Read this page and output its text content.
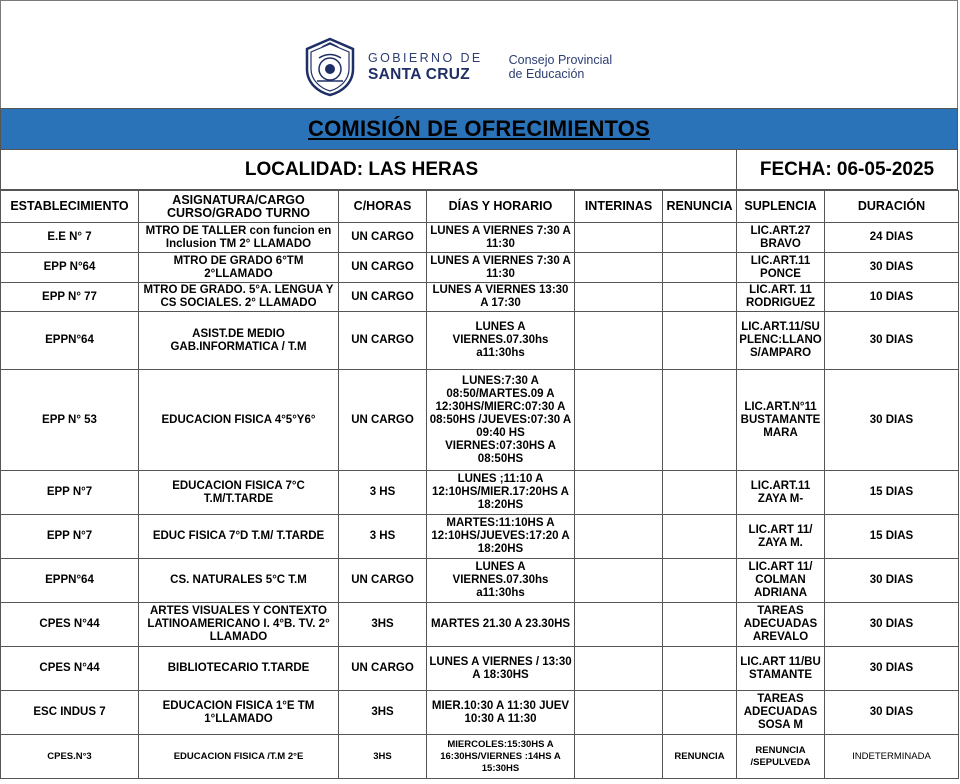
GOBIERNO DE
SANTA CRUZ
Consejo Provincial
de Educación
COMISIÓN DE OFRECIMIENTOS
LOCALIDAD: LAS HERAS	FECHA: 06-05-2025
ESTABLECIMIENTO	ASIGNATURA/CARGO CURSO/GRADO TURNO	C/HORAS	DÍAS Y HORARIO	INTERINAS	RENUNCIA	SUPLENCIA	DURACIÓN
E.E N° 7	MTRO DE TALLER con funcion en Inclusion TM 2° LLAMADO	UN CARGO	LUNES A VIERNES 7:30 A 11:30			LIC.ART.27 BRAVO	24 DIAS
EPP N°64	MTRO DE GRADO 6°TM 2°LLAMADO	UN CARGO	LUNES A VIERNES 7:30 A 11:30			LIC.ART.11 PONCE	30 DIAS
EPP N° 77	MTRO DE GRADO. 5°A. LENGUA Y CS SOCIALES. 2° LLAMADO	UN CARGO	LUNES A VIERNES 13:30 A 17:30			LIC.ART. 11 RODRIGUEZ	10 DIAS
EPPN°64	ASIST.DE MEDIO GAB.INFORMATICA / T.M	UN CARGO	LUNES A VIERNES.07.30hs a11:30hs			LIC.ART.11/SUPLENC:LLANOS/AMPARO	30 DIAS
EPP N° 53	EDUCACION FISICA 4°5°Y6°	UN CARGO	LUNES:7:30 A 08:50/MARTES.09 A 12:30HS/MIERC:07:30 A 08:50HS /JUEVES:07:30 A 09:40 HS VIERNES:07:30HS A 08:50HS			LIC.ART.N°11 BUSTAMANTE MARA	30 DIAS
EPP N°7	EDUCACION FISICA 7°C T.M/T.TARDE	3 HS	LUNES ;11:10 A 12:10HS/MIER.17:20HS A 18:20HS			LIC.ART.11 ZAYA M-	15 DIAS
EPP N°7	EDUC FISICA 7°D T.M/ T.TARDE	3 HS	MARTES:11:10HS A 12:10HS/JUEVES:17:20 A 18:20HS			LIC.ART 11/ ZAYA M.	15 DIAS
EPPN°64	CS. NATURALES 5°C T.M	UN CARGO	LUNES A VIERNES.07.30hs a11:30hs			LIC.ART 11/ COLMAN ADRIANA	30 DIAS
CPES N°44	ARTES VISUALES Y CONTEXTO LATINOAMERICANO I. 4°B. TV. 2° LLAMADO	3HS	MARTES 21.30 A 23.30HS			TAREAS ADECUADAS AREVALO	30 DIAS
CPES N°44	BIBLIOTECARIO T.TARDE	UN CARGO	LUNES A VIERNES / 13:30 A 18:30HS			LIC.ART 11/BUSTAMANTE	30 DIAS
ESC INDUS 7	EDUCACION FISICA 1°E TM 1°LLAMADO	3HS	MIER.10:30 A 11:30 JUEV 10:30 A 11:30			TAREAS ADECUADAS SOSA M	30 DIAS
CPES.N°3	EDUCACION FISICA /T.M 2°E	3HS	MIERCOLES:15:30HS A 16:30HS/VIERNES :14HS A 15:30HS		RENUNCIA	RENUNCIA /SEPULVEDA	INDETERMINADA
